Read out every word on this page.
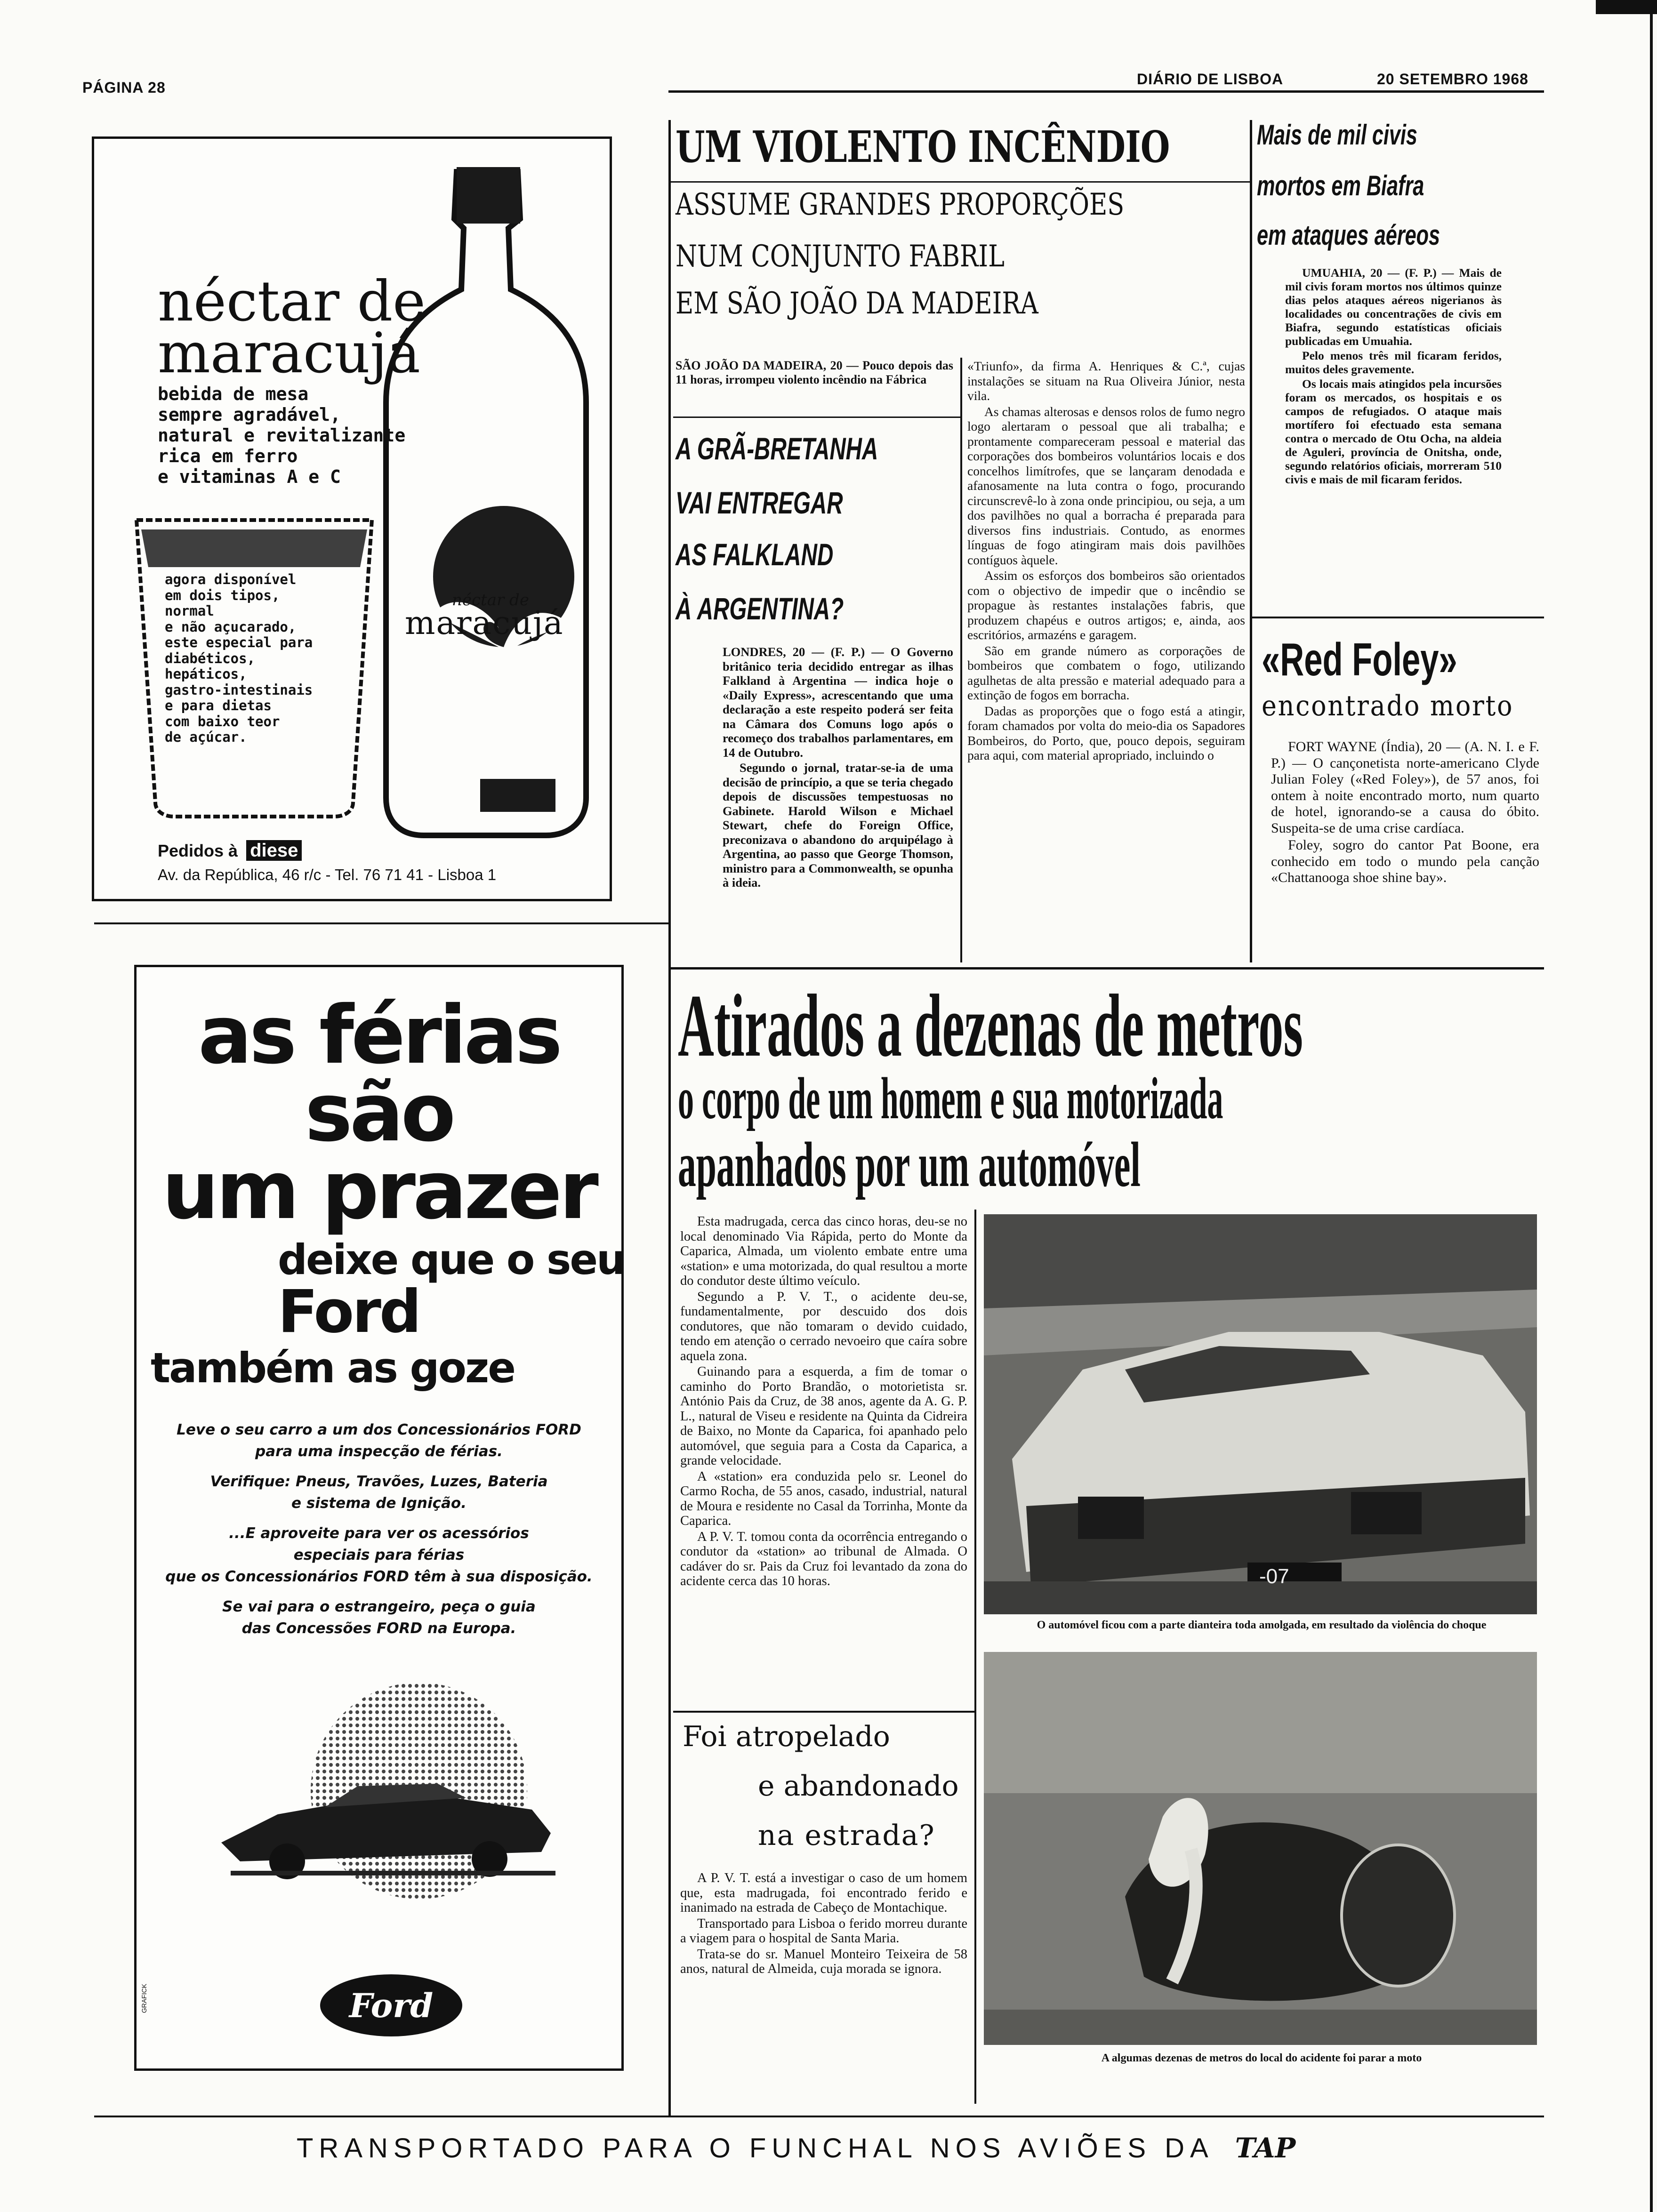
PÁGINA 28	DIÁRIO DE LISBOA	20 SETEMBRO 1968
néctar de
maracujá
bebida de mesa
sempre agradável,
natural e revitalizante
rica em ferro
e vitaminas A e C
agora disponível
em dois tipos,
normal
e não açucarado,
este especial para
diabéticos,
hepáticos,
gastro-intestinais
e para dietas
com baixo teor
de açúcar.
néctar de
maracujá
Pedidos à diese
Av. da República, 46 r/c - Tel. 76 71 41 - Lisboa 1
as férias
são
um prazer
deixe que o seu
Ford
também as goze
Leve o seu carro a um dos Concessionários FORD
para uma inspecção de férias.
Verifique: Pneus, Travões, Luzes, Bateria
e sistema de Ignição.
...E aproveite para ver os acessórios
especiais para férias
que os Concessionários FORD têm à sua disposição.
Se vai para o estrangeiro, peça o guia
das Concessões FORD na Europa.
Ford
GRAFICK
UM VIOLENTO INCÊNDIO
ASSUME GRANDES PROPORÇÕES
NUM CONJUNTO FABRIL
EM SÃO JOÃO DA MADEIRA

SÃO JOÃO DA MADEIRA, 20 — Pouco depois das 11 horas, irrompeu violento incêndio na Fábrica

«Triunfo», da firma A. Henriques & C.ª, cujas instalações se situam na Rua Oliveira Júnior, nesta vila.

As chamas alterosas e densos rolos de fumo negro logo alertaram o pessoal que ali trabalha; e prontamente compareceram pessoal e material das corporações dos bombeiros voluntários locais e dos concelhos limítrofes, que se lançaram denodada e afanosamente na luta contra o fogo, procurando circunscrevê-lo à zona onde principiou, ou seja, a um dos pavilhões no qual a borracha é preparada para diversos fins industriais. Contudo, as enormes línguas de fogo atingiram mais dois pavilhões contíguos àquele.

Assim os esforços dos bombeiros são orientados com o objectivo de impedir que o incêndio se propague às restantes instalações fabris, que produzem chapéus e outros artigos; e, ainda, aos escritórios, armazéns e garagem.

São em grande número as corporações de bombeiros que combatem o fogo, utilizando agulhetas de alta pressão e material adequado para a extinção de fogos em borracha.

Dadas as proporções que o fogo está a atingir, foram chamados por volta do meio-dia os Sapadores Bombeiros, do Porto, que, pouco depois, seguiram para aqui, com material apropriado, incluindo o

A GRÃ-BRETANHA
VAI ENTREGAR
AS FALKLAND
À ARGENTINA?

LONDRES, 20 — (F. P.) — O Governo britânico teria decidido entregar as ilhas Falkland à Argentina — indica hoje o «Daily Express», acrescentando que uma declaração a este respeito poderá ser feita na Câmara dos Comuns logo após o recomeço dos trabalhos parlamentares, em 14 de Outubro.

Segundo o jornal, tratar-se-ia de uma decisão de princípio, a que se teria chegado depois de discussões tempestuosas no Gabinete. Harold Wilson e Michael Stewart, chefe do Foreign Office, preconizava o abandono do arquipélago à Argentina, ao passo que George Thomson, ministro para a Commonwealth, se opunha à ideia.

Mais de mil civis
mortos em Biafra
em ataques aéreos

UMUAHIA, 20 — (F. P.) — Mais de mil civis foram mortos nos últimos quinze dias pelos ataques aéreos nigerianos às localidades ou concentrações de civis em Biafra, segundo estatísticas oficiais publicadas em Umuahia.

Pelo menos três mil ficaram feridos, muitos deles gravemente.

Os locais mais atingidos pela incursões foram os mercados, os hospitais e os campos de refugiados. O ataque mais mortífero foi efectuado esta semana contra o mercado de Otu Ocha, na aldeia de Aguleri, província de Onitsha, onde, segundo relatórios oficiais, morreram 510 civis e mais de mil ficaram feridos.

«Red Foley»
encontrado morto

FORT WAYNE (Índia), 20 — (A. N. I. e F. P.) — O cançonetista norte-americano Clyde Julian Foley («Red Foley»), de 57 anos, foi ontem à noite encontrado morto, num quarto de hotel, ignorando-se a causa do óbito. Suspeita-se de uma crise cardíaca.

Foley, sogro do cantor Pat Boone, era conhecido em todo o mundo pela canção «Chattanooga shoe shine bay».

Atirados a dezenas de metros
o corpo de um homem e sua motorizada
apanhados por um automóvel

Esta madrugada, cerca das cinco horas, deu-se no local denominado Via Rápida, perto do Monte da Caparica, Almada, um violento embate entre uma «station» e uma motorizada, do qual resultou a morte do condutor deste último veículo.

Segundo a P. V. T., o acidente deu-se, fundamentalmente, por descuido dos dois condutores, que não tomaram o devido cuidado, tendo em atenção o cerrado nevoeiro que caíra sobre aquela zona.

Guinando para a esquerda, a fim de tomar o caminho do Porto Brandão, o motorietista sr. António Pais da Cruz, de 38 anos, agente da A. G. P. L., natural de Viseu e residente na Quinta da Cidreira de Baixo, no Monte da Caparica, foi apanhado pelo automóvel, que seguia para a Costa da Caparica, a grande velocidade.

A «station» era conduzida pelo sr. Leonel do Carmo Rocha, de 55 anos, casado, industrial, natural de Moura e residente no Casal da Torrinha, Monte da Caparica.

A P. V. T. tomou conta da ocorrência entregando o condutor da «station» ao tribunal de Almada. O cadáver do sr. Pais da Cruz foi levantado da zona do acidente cerca das 10 horas.	-07
O automóvel ficou com a parte dianteira toda amolgada, em resultado da violência do choque
A algumas dezenas de metros do local do acidente foi parar a moto
Foi atropelado
e abandonado
na estrada?

A P. V. T. está a investigar o caso de um homem que, esta madrugada, foi encontrado ferido e inanimado na estrada de Cabeço de Montachique.

Transportado para Lisboa o ferido morreu durante a viagem para o hospital de Santa Maria.

Trata-se do sr. Manuel Monteiro Teixeira de 58 anos, natural de Almeida, cuja morada se ignora.

TRANSPORTADO PARA O FUNCHAL NOS AVIÕES DA TAP
